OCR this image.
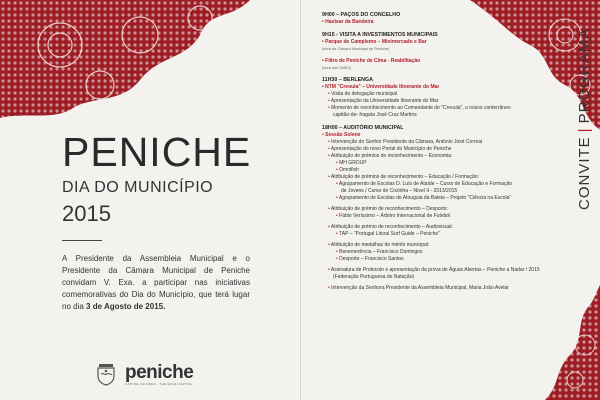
PENICHE
DIA DO MUNICÍPIO
2015
A Presidente da Assembleia Municipal e o Presidente da Câmara Municipal de Peniche convidam V. Exa. a participar nas iniciativas comemorativas do Dia do Município, que terá lugar no dia 3 de Agosto de 2015.
peniche
CAPITAL DA ONDA · THE WAVE CAPITAL
9H00 – PAÇOS DO CONCELHO
• Hastear da Bandeira
9H15 - VISITA A INVESTIMENTOS MUNICIPAIS
• Parque de Campismo – Minimercado e Bar
(obra da Câmara Municipal de Peniche)
• Filtro de Peniche de Cima - Reabilitação
(obra dos SMAS)
11H30 – BERLENGA
• NTM "Creoula" – Universidade Itinerante do Mar
• Visita de delegação municipal
• Apresentação da Universidade Itinerante do Mar
• Momento de reconhecimento ao Comandante do "Creoula", o nosso conterrâneo
capitão-de- fragata José Cruz Martins
18H00 – AUDITÓRIO MUNICIPAL
• Sessão Solene
• Intervenção do Senhor Presidente da Câmara, António José Correia
• Apresentação do novo Portal do Município de Peniche
• Atribuição de prémios de reconhecimento – Economia:
• MH GROUP
• Omnifish
• Atribuição de prémios de reconhecimento – Educação / Formação:
• Agrupamento de Escolas D. Luís de Ataíde – Curso de Educação e Formação
de Jovens / Curso de Cozinha – Nível II - 2013/2015
• Agrupamento de Escolas de Atouguia da Baleia – Projeto "Ciência na Escola"
• Atribuição de prémio de reconhecimento – Desporto:
• Fábio Veríssimo – Árbitro Internacional de Futebol
• Atribuição de prémio de reconhecimento – Audiovisual:
• TAP – "Portugal Litoral Surf Guide – Peniche"
• Atribuição de medalhas de mérito municipal:
• Benemerência – Francisco Domingos
• Desporto – Francisco Santos
• Assinatura de Protocolo e apresentação da prova de Águas Abertas – Peniche a Nadar / 2015
(Federação Portuguesa de Natação)
• Intervenção da Senhora Presidente da Assembleia Municipal, Maria João Avelar
CONVITE|PROGRAMA
